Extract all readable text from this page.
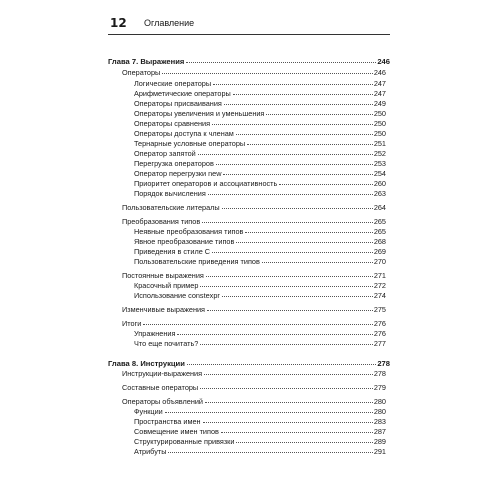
12 Оглавление
Глава 7. Выражения	246
Операторы	246
Логические операторы	247
Арифметические операторы	247
Операторы присваивания	249
Операторы увеличения и уменьшения	250
Операторы сравнения	250
Операторы доступа к членам	250
Тернарные условные операторы	251
Оператор запятой	252
Перегрузка операторов	253
Оператор перегрузки new	254
Приоритет операторов и ассоциативность	260
Порядок вычисления	263
Пользовательские литералы	264
Преобразования типов	265
Неявные преобразования типов	265
Явное преобразование типов	268
Приведения в стиле С	269
Пользовательские приведения типов	270
Постоянные выражения	271
Красочный пример	272
Использование constexpr	274
Изменчивые выражения	275
Итоги	276
Упражнения	276
Что еще почитать?	277
Глава 8. Инструкции	278
Инструкции-выражения	278
Составные операторы	279
Операторы объявлений	280
Функции	280
Пространства имен	283
Совмещение имен типов	287
Структурированные привязки	289
Атрибуты	291
